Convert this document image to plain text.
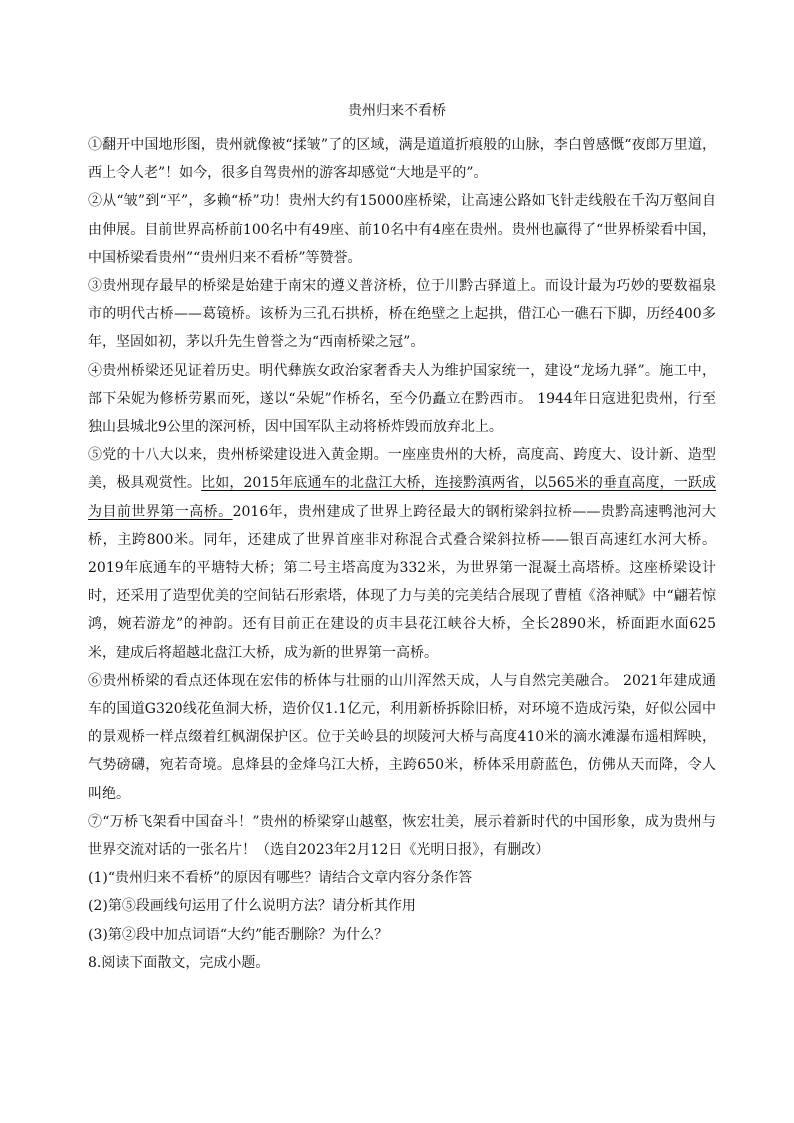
贵州归来不看桥

①翻开中国地形图，贵州就像被“揉皱”了的区域，满是道道折痕般的山脉，李白曾感慨“夜郎万里道，西上令人老”！如今，很多自驾贵州的游客却感觉“大地是平的”。

②从“皱”到“平”，多赖“桥”功！贵州大约有15000座桥梁，让高速公路如飞针走线般在千沟万壑间自由伸展。目前世界高桥前100名中有49座、前10名中有4座在贵州。贵州也赢得了“世界桥梁看中国，中国桥梁看贵州”“贵州归来不看桥”等赞誉。

③贵州现存最早的桥梁是始建于南宋的遵义普济桥，位于川黔古驿道上。而设计最为巧妙的要数福泉市的明代古桥——葛镜桥。该桥为三孔石拱桥，桥在绝壁之上起拱，借江心一礁石下脚，历经400多年，坚固如初，茅以升先生曾誉之为“西南桥梁之冠”。

④贵州桥梁还见证着历史。明代彝族女政治家奢香夫人为维护国家统一，建设“龙场九驿”。施工中，部下朵妮为修桥劳累而死，遂以“朵妮”作桥名，至今仍矗立在黔西市。 1944年日寇进犯贵州，行至独山县城北9公里的深河桥，因中国军队主动将桥炸毁而放弃北上。

⑤党的十八大以来，贵州桥梁建设进入黄金期。一座座贵州的大桥，高度高、跨度大、设计新、造型美，极具观赏性。比如，2015年底通车的北盘江大桥，连接黔滇两省，以565米的垂直高度，一跃成为目前世界第一高桥。2016年，贵州建成了世界上跨径最大的钢桁梁斜拉桥——贵黔高速鸭池河大桥，主跨800米。同年，还建成了世界首座非对称混合式叠合梁斜拉桥——银百高速红水河大桥。2019年底通车的平塘特大桥；第二号主塔高度为332米，为世界第一混凝土高塔桥。这座桥梁设计时，还采用了造型优美的空间钻石形索塔，体现了力与美的完美结合展现了曹植《洛神赋》中“翩若惊鸿，婉若游龙”的神韵。还有目前正在建设的贞丰县花江峡谷大桥，全长2890米，桥面距水面625米，建成后将超越北盘江大桥，成为新的世界第一高桥。

⑥贵州桥梁的看点还体现在宏伟的桥体与壮丽的山川浑然天成，人与自然完美融合。 2021年建成通车的国道G320线花鱼洞大桥，造价仅1.1亿元，利用新桥拆除旧桥，对环境不造成污染，好似公园中的景观桥一样点缀着红枫湖保护区。位于关岭县的坝陵河大桥与高度410米的滴水滩瀑布遥相辉映，气势磅礴，宛若奇境。息烽县的金烽乌江大桥，主跨650米，桥体采用蔚蓝色，仿佛从天而降，令人叫绝。

⑦“万桥飞架看中国奋斗！”贵州的桥梁穿山越壑，恢宏壮美，展示着新时代的中国形象，成为贵州与世界交流对话的一张名片！（选自2023年2月12日《光明日报》，有删改）

(1)“贵州归来不看桥”的原因有哪些？请结合文章内容分条作答

(2)第⑤段画线句运用了什么说明方法？请分析其作用

(3)第②段中加点词语“大约”能否删除？为什么？

8.阅读下面散文，完成小题。
